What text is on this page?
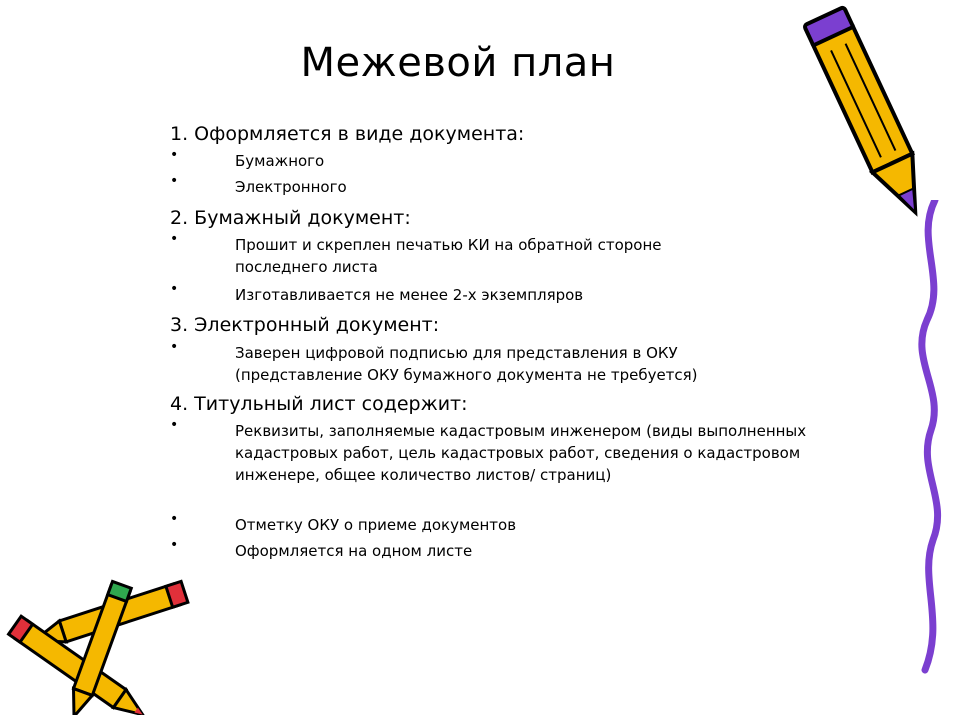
Межевой план

1. Оформляется в виде документа:

•	Бумажного

•	Электронного

2. Бумажный документ:

•	Прошит и скреплен печатью КИ на обратной стороне последнего листа

•	Изготавливается не менее 2-х экземпляров

3. Электронный документ:

•	Заверен цифровой подписью для представления в ОКУ (представление ОКУ бумажного документа не требуется)

4. Титульный лист содержит:

•	Реквизиты, заполняемые кадастровым инженером (виды выполненных кадастровых работ, цель кадастровых работ, сведения о кадастровом инженере, общее количество листов/ страниц)

•	Отметку ОКУ о приеме документов

•	Оформляется на одном листе
